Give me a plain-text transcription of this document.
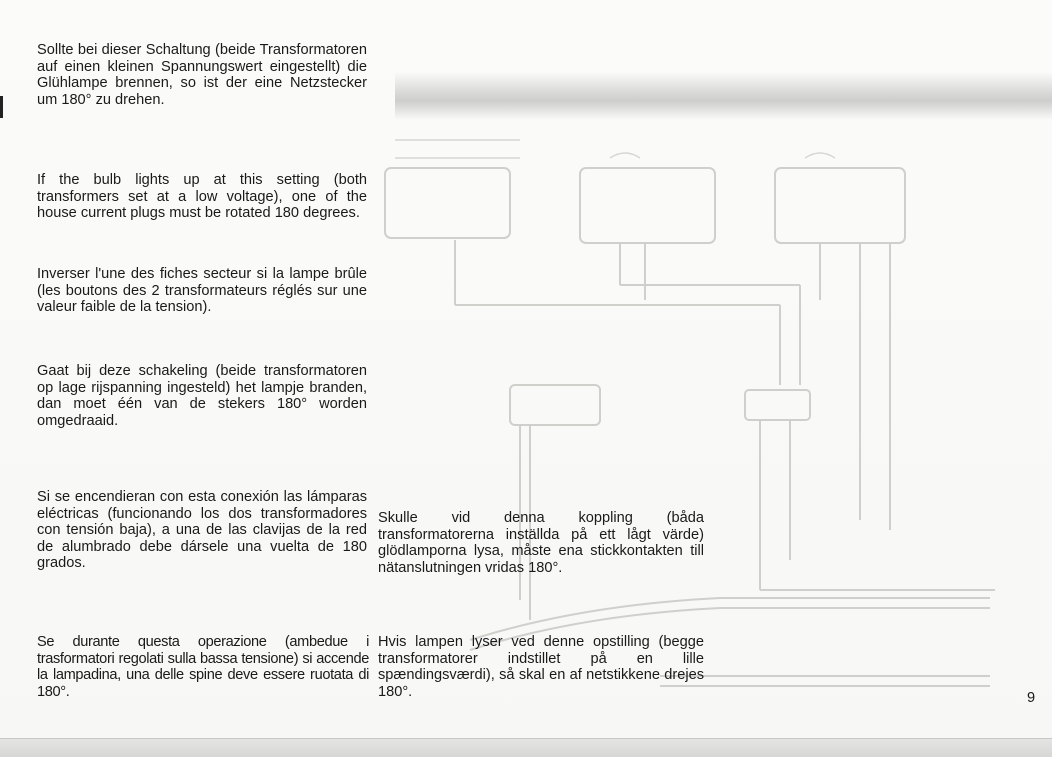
Sollte bei dieser Schaltung (beide Transformatoren auf einen kleinen Spannungswert eingestellt) die Glühlampe brennen, so ist der eine Netzstecker um 180° zu drehen.

If the bulb lights up at this setting (both transformers set at a low voltage), one of the house current plugs must be rotated 180 degrees.

Inverser l'une des fiches secteur si la lampe brûle (les boutons des 2 transformateurs réglés sur une valeur faible de la tension).

Gaat bij deze schakeling (beide transformatoren op lage rijspanning ingesteld) het lampje branden, dan moet één van de stekers 180° worden omgedraaid.

Si se encendieran con esta conexión las lámparas eléctricas (funcionando los dos transformadores con tensión baja), a una de las clavijas de la red de alumbrado debe dársele una vuelta de 180 grados.

Se durante questa operazione (ambedue i trasformatori regolati sulla bassa tensione) si accende la lampadina, una delle spine deve essere ruotata di 180°.

Skulle vid denna koppling (båda transformatorerna inställda på ett lågt värde) glödlamporna lysa, måste ena stickkontakten till nätanslutningen vridas 180°.

Hvis lampen lyser ved denne opstilling (begge transformatorer indstillet på en lille spændingsværdi), så skal en af netstikkene drejes 180°.	9
